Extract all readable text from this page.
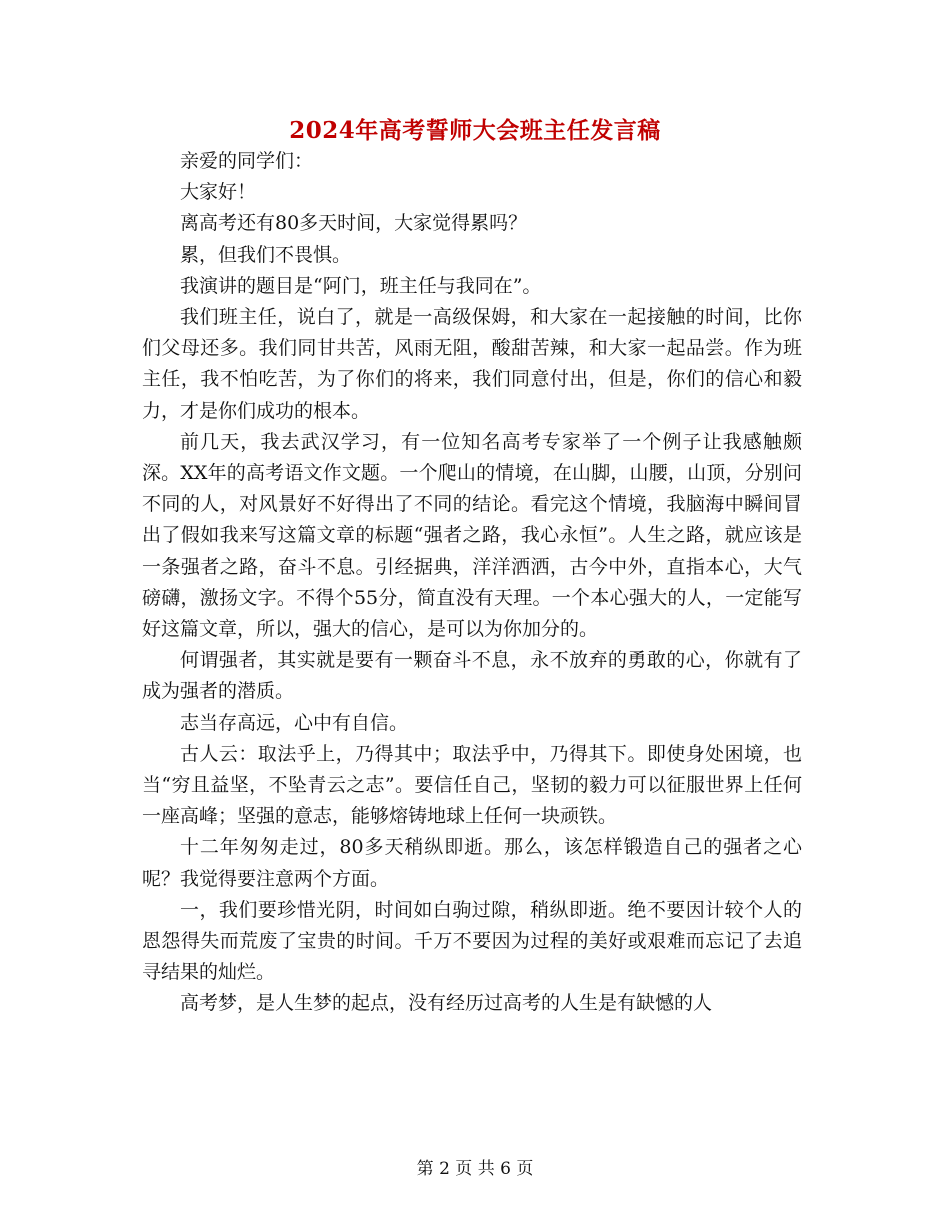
2024年高考誓师大会班主任发言稿

亲爱的同学们：

大家好！

离高考还有80多天时间，大家觉得累吗？

累，但我们不畏惧。

我演讲的题目是“阿门，班主任与我同在”。

我们班主任，说白了，就是一高级保姆，和大家在一起接触的时间，比你们父母还多。我们同甘共苦，风雨无阻，酸甜苦辣，和大家一起品尝。作为班主任，我不怕吃苦，为了你们的将来，我们同意付出，但是，你们的信心和毅力，才是你们成功的根本。

前几天，我去武汉学习，有一位知名高考专家举了一个例子让我感触颇深。XX年的高考语文作文题。一个爬山的情境，在山脚，山腰，山顶，分别问不同的人，对风景好不好得出了不同的结论。看完这个情境，我脑海中瞬间冒出了假如我来写这篇文章的标题“强者之路，我心永恒”。人生之路，就应该是一条强者之路，奋斗不息。引经据典，洋洋洒洒，古今中外，直指本心，大气磅礴，激扬文字。不得个55分，简直没有天理。一个本心强大的人，一定能写好这篇文章，所以，强大的信心，是可以为你加分的。

何谓强者，其实就是要有一颗奋斗不息，永不放弃的勇敢的心，你就有了成为强者的潜质。

志当存高远，心中有自信。

古人云：取法乎上，乃得其中；取法乎中，乃得其下。即使身处困境，也当“穷且益坚，不坠青云之志”。要信任自己，坚韧的毅力可以征服世界上任何一座高峰；坚强的意志，能够熔铸地球上任何一块顽铁。

十二年匆匆走过，80多天稍纵即逝。那么，该怎样锻造自己的强者之心呢？我觉得要注意两个方面。

一，我们要珍惜光阴，时间如白驹过隙，稍纵即逝。绝不要因计较个人的恩怨得失而荒废了宝贵的时间。千万不要因为过程的美好或艰难而忘记了去追寻结果的灿烂。

高考梦，是人生梦的起点，没有经历过高考的人生是有缺憾的人

第 2 页 共 6 页
